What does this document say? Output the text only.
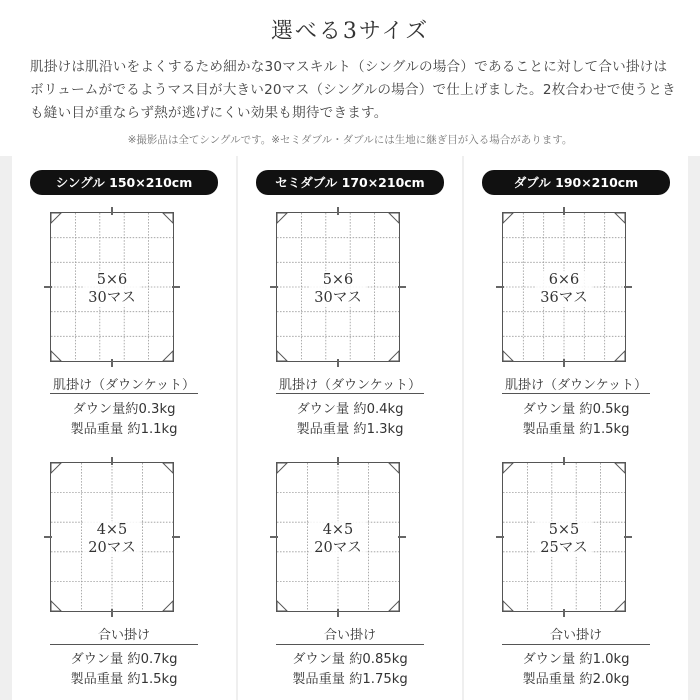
選べる3サイズ
肌掛けは肌沿いをよくするため細かな30マスキルト（シングルの場合）であることに対して合い掛けはボリュームがでるようマス目が大きい20マス（シングルの場合）で仕上げました。2枚合わせで使うときも縫い目が重ならず熱が逃げにくい効果も期待できます。
※撮影品は全てシングルです。※セミダブル・ダブルには生地に継ぎ目が入る場合があります。
シングル 150×210cm
5×6
30マス
肌掛け（ダウンケット）
ダウン量約0.3kg
製品重量 約1.1kg
4×5
20マス
合い掛け
ダウン量 約0.7kg
製品重量 約1.5kg
セミダブル 170×210cm
5×6
30マス
肌掛け（ダウンケット）
ダウン量 約0.4kg
製品重量 約1.3kg
4×5
20マス
合い掛け
ダウン量 約0.85kg
製品重量 約1.75kg
ダブル 190×210cm
6×6
36マス
肌掛け（ダウンケット）
ダウン量 約0.5kg
製品重量 約1.5kg
5×5
25マス
合い掛け
ダウン量 約1.0kg
製品重量 約2.0kg
